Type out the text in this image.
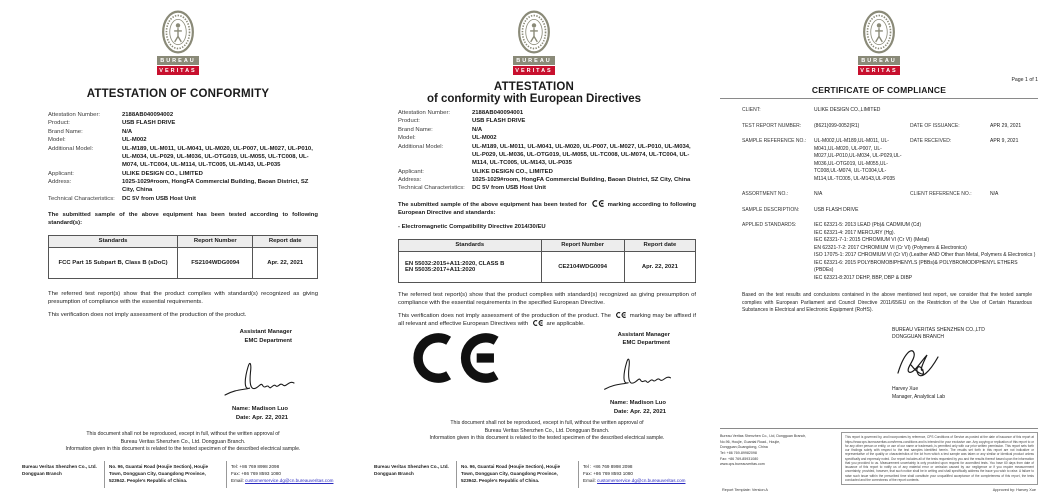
BUREAU
VERITAS
ATTESTATION OF CONFORMITY
Attestation Number:	2188AB040094002
Product:	USB FLASH DRIVE
Brand Name:	N/A
Model:	UL-M002
Additional Model:	UL-M189, UL-M011, UL-M041, UL-M020, UL-P007, UL-M027, UL-P010, UL-M034, UL-P029, UL-M036, UL-OTG019, UL-M055, UL-TC008, UL-M074, UL-TC004, UL-M114, UL-TC005, UL-M143, UL-P035
Applicant:	ULIKE DESIGN CO., LIMITED
Address:	1025-1029#room, HongFA Commercial Building, Baoan District, SZ City, China
Technical Characteristics:	DC 5V from USB Host Unit
The submitted sample of the above equipment has been tested according to following standard(s):
Standards	Report Number	Report date
FCC Part 15 Subpart B, Class B (sDoC)	FS2104WDG0094	Apr. 22, 2021
The referred test report(s) show that the product complies with standard(s) recognized as giving presumption of compliance with the essential requirements.
This verification does not imply assessment of the production of the product.
Assistant Manager
EMC Department
Name: Madison Luo
Date: Apr. 22, 2021
This document shall not be reproduced, except in full, without the written approval of
Bureau Veritas Shenzhen Co., Ltd. Dongguan Branch.
Information given in this document is related to the tested specimen of the described electrical sample.
Bureau Veritas Shenzhen Co., Ltd. Dongguan Branch
No. 96, Guantai Road (Houjie Section), Houjie Town, Dongguan City, Guangdong Province, 523942. People's Republic of China.
Tel: +86 769 8998 2098
Fax: +86 769 8593 1080
Email: customerservice.dg@cn.bureauveritas.com
BUREAU
VERITAS
ATTESTATION
of conformity with European Directives
Attestation Number:	2188AB040094001
Product:	USB FLASH DRIVE
Brand Name:	N/A
Model:	UL-M002
Additional Model:	UL-M189, UL-M011, UL-M041, UL-M020, UL-P007, UL-M027, UL-P010, UL-M034, UL-P029, UL-M036, UL-OTG019, UL-M055, UL-TC008, UL-M074, UL-TC004, UL-M114, UL-TC005, UL-M143, UL-P035
Applicant:	ULIKE DESIGN CO., LIMITED
Address:	1025-1029#room, HongFA Commercial Building, Baoan District, SZ City, China
Technical Characteristics:	DC 5V from USB Host Unit
The submitted sample of the above equipment has been tested for	marking according to following European Directive and standards:
- Electromagnetic Compatibility Directive 2014/30/EU
Standards	Report Number	Report date

EN 55032:2015+A11:2020, CLASS B
EN 55035:2017+A11:2020	CE2104WDG0094	Apr. 22, 2021
The referred test report(s) show that the product complies with standard(s) recognized as giving presumption of compliance with the essential requirements in the specified European Directive.
This verification does not imply assessment of the production of the product. The	marking may be affixed if all relevant and effective European Directives with	are applicable.
Assistant Manager
EMC Department
Name: Madison Luo
Date: Apr. 22, 2021
This document shall not be reproduced, except in full, without the written approval of
Bureau Veritas Shenzhen Co., Ltd. Dongguan Branch.
Information given in this document is related to the tested specimen of the described electrical sample.
Bureau Veritas Shenzhen Co., Ltd. Dongguan Branch
No. 96, Guantai Road (Houjie Section), Houjie Town, Dongguan City, Guangdong Province, 523942. People's Republic of China.
Tel : +86 769 8998 2098
Fax: +86 769 8593 1080
Email: customerservice.dg@cn.bureauveritas.com
BUREAU
VERITAS
Page 1 of 1
CERTIFICATE OF COMPLIANCE
CLIENT:	ULIKE DESIGN CO.,LIMITED
TEST REPORT NUMBER:	(8621)099-0052(R1)	DATE OF ISSUANCE:	APR 29, 2021
SAMPLE REFERENCE NO.:	UL-M002,UL-M189,UL-M011, UL-M041,UL-M020, UL-P007, UL-M027,UL-P010,UL-M034, UL-P029,UL-M036,UL-OTG019, UL-M055,UL-TC008,UL-M074, UL-TC004,UL-M114,UL-TC005, UL-M143,UL-P035
DATE RECEIVED:	APR 9, 2021
ASSORTMENT NO.:	N/A	CLIENT REFERENCE NO.:	N/A
SAMPLE DESCRIPTION:	USB FLASH DRIVE
APPLIED STANDARDS:	IEC 62321-5: 2013 LEAD (Pb)& CADMIUM (Cd)
IEC 62321-4: 2017 MERCURY (Hg).
IEC 62321-7-1: 2015 CHROMIUM VI (Cr VI) (Metal)
EN 62321-7-2: 2017 CHROMIUM VI (Cr VI) (Polymers & Electronics)
ISO 17075-1: 2017 CHROMIUM VI (Cr VI) (Leather AND Other than Metal, Polymers & Electronics )
IEC 62321-6: 2015 POLYBROMOBIPHENYLS (PBBs)& POLYBROMODIPHENYL ETHERS (PBDEs)
IEC 62321-8:2017 DEHP, BBP, DBP & DIBP
Based on the test results and conclusions contained in the above mentioned test report, we consider that the tested sample complies with European Parliament and Council Directive 2011/65/EU on the Restriction of the Use of Certain Hazardous Substances in Electrical and Electronic Equipment (RoHS).
BUREAU VERITAS SHENZHEN CO.,LTD
DONGGUAN BRANCH
Harvey Xue
Manager, Analytical Lab
Bureau Veritas Shenzhen Co., Ltd, Dongguan Branch,
No.96, Houjie, Guantai Road., Houjie,
Dongguan,Guangdong, China
Tel: +86 769-89982098
Fax: +86 769-85931080
www.cps.bureauveritas.com
This report is governed by, and incorporates by reference, CPS Conditions of Service as posted at the date of issuance of this report at https://www.cps.bureauveritas.com/terms-conditions and is intended for your exclusive use. Any copying or replication of this report to or for any other person or entity, or use of our name or trademark, is permitted only with our prior written permission. This report sets forth our findings solely with respect to the test samples identified herein. The results set forth in this report are not indicative or representative of the quality or characteristics of the lot from which a test sample was taken or any similar or identical product unless specifically and expressly noted. Our report includes all of the tests requested by you and the results thereof based upon the information that you provided to us. Measurement uncertainty is only provided upon request for accredited tests. You have 60 days from date of issuance of this report to notify us of any material error or omission caused by our negligence or if you require measurement uncertainty; provided, however, that such notice shall be in writing and shall specifically address the issue you wish to raise. A failure to raise such issue within the prescribed time shall constitute your unqualified acceptance of the completeness of this report, the tests conducted and the correctness of the report contents.
Report Template: Version A	Approved by: Harvey Xue
